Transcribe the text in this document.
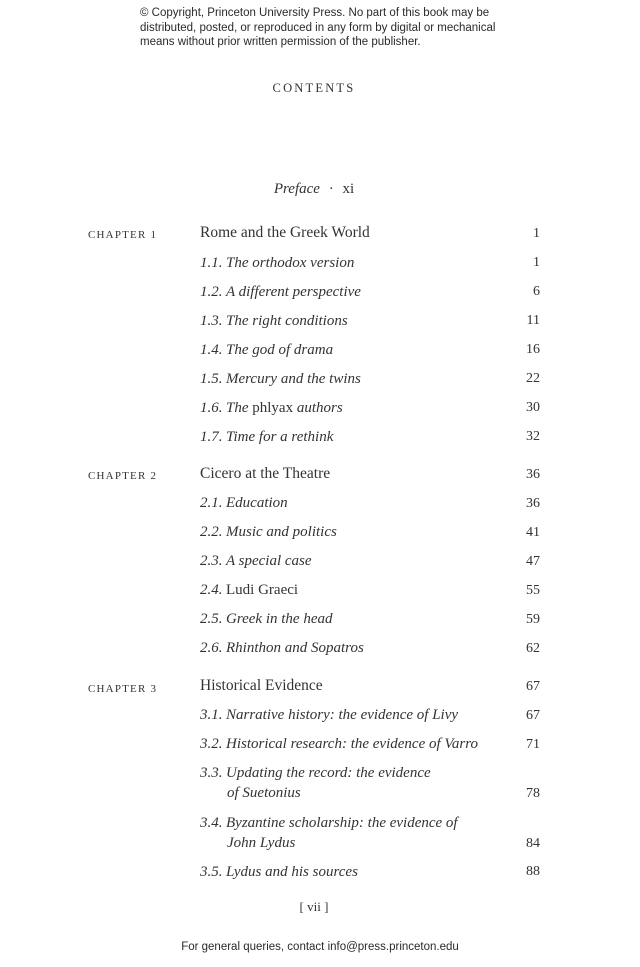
© Copyright, Princeton University Press. No part of this book may be distributed, posted, or reproduced in any form by digital or mechanical means without prior written permission of the publisher.
CONTENTS
Preface · xi
CHAPTER 1	Rome and the Greek World	1
1.1. The orthodox version	1
1.2. A different perspective	6
1.3. The right conditions	11
1.4. The god of drama	16
1.5. Mercury and the twins	22
1.6. The phlyax authors	30
1.7. Time for a rethink	32
CHAPTER 2	Cicero at the Theatre	36
2.1. Education	36
2.2. Music and politics	41
2.3. A special case	47
2.4. Ludi Graeci	55
2.5. Greek in the head	59
2.6. Rhinthon and Sopatros	62
CHAPTER 3	Historical Evidence	67
3.1. Narrative history: the evidence of Livy	67
3.2. Historical research: the evidence of Varro	71
3.3. Updating the record: the evidence
of Suetonius	78
3.4. Byzantine scholarship: the evidence of
John Lydus	84
3.5. Lydus and his sources	88
[ vii ]
For general queries, contact info@press.princeton.edu
